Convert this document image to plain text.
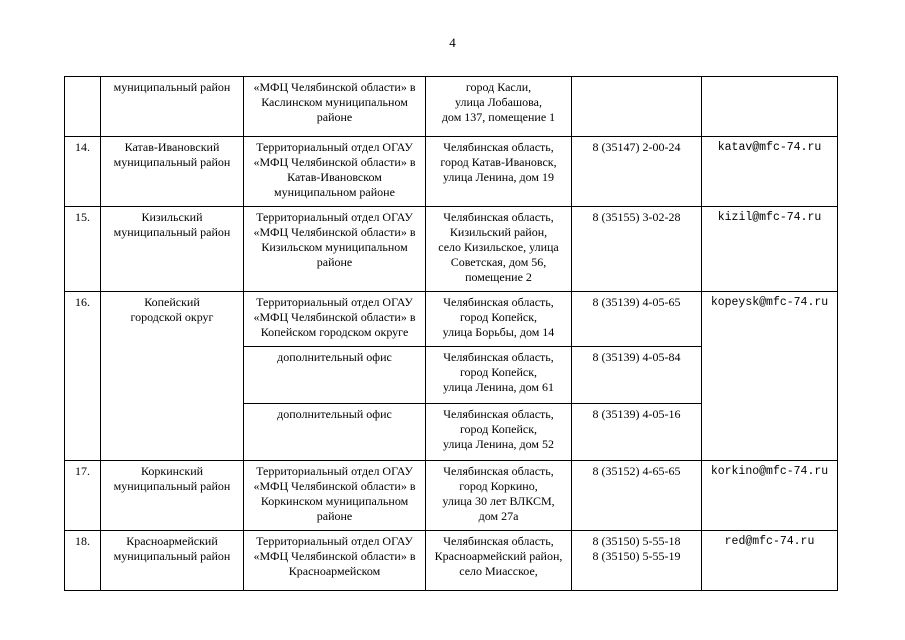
4

	муниципальный район	«МФЦ Челябинской области» в
Каслинском муниципальном
районе	город Касли,
улица Лобашова,
дом 137, помещение 1		

14.	Катав-Ивановский
муниципальный район	Территориальный отдел ОГАУ
«МФЦ Челябинской области» в
Катав-Ивановском
муниципальном районе	Челябинская область,
город Катав-Ивановск,
улица Ленина, дом 19	8 (35147) 2-00-24	katav@mfc-74.ru
15.	Кизильский
муниципальный район	Территориальный отдел ОГАУ
«МФЦ Челябинской области» в
Кизильском муниципальном
районе	Челябинская область,
Кизильский район,
село Кизильское, улица
Советская, дом 56,
помещение 2	8 (35155) 3-02-28	kizil@mfc-74.ru
16.	Копейский
городской округ	Территориальный отдел ОГАУ
«МФЦ Челябинской области» в
Копейском городском округе	Челябинская область,
город Копейск,
улица Борьбы, дом 14	8 (35139) 4-05-65	kopeysk@mfc-74.ru

		дополнительный офис	Челябинская область,
город Копейск,
улица Ленина, дом 61	8 (35139) 4-05-84	

		дополнительный офис	Челябинская область,
город Копейск,
улица Ленина, дом 52	8 (35139) 4-05-16	

17.	Коркинский
муниципальный район	Территориальный отдел ОГАУ
«МФЦ Челябинской области» в
Коркинском муниципальном
районе	Челябинская область,
город Коркино,
улица 30 лет ВЛКСМ,
дом 27а	8 (35152) 4-65-65	korkino@mfc-74.ru
18.	Красноармейский
муниципальный район	Территориальный отдел ОГАУ
«МФЦ Челябинской области» в
Красноармейском	Челябинская область,
Красноармейский район,
село Миасское,	8 (35150) 5-55-18
8 (35150) 5-55-19	red@mfc-74.ru
